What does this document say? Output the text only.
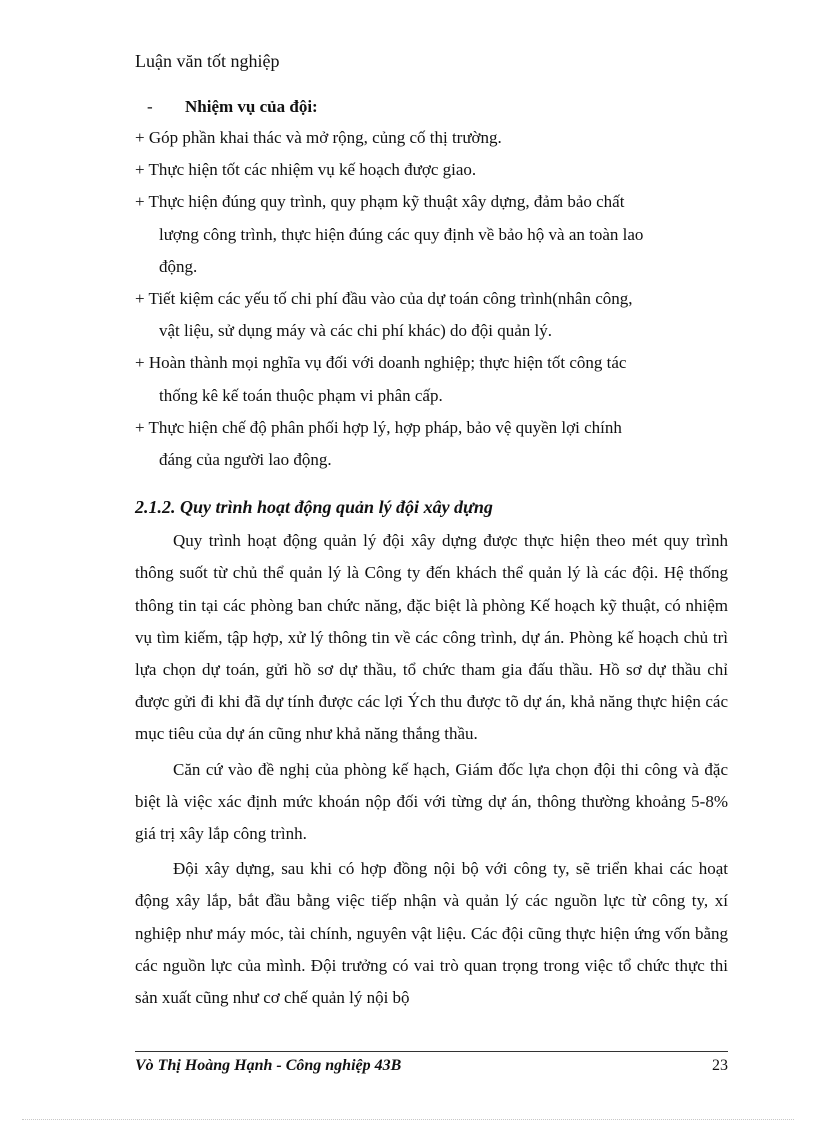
Luận văn tốt nghiệp
- Nhiệm vụ của đội:
+ Góp phần khai thác và mở rộng, củng cố thị trường.
+ Thực hiện tốt các nhiệm vụ kế hoạch được giao.
+ Thực hiện đúng quy trình, quy phạm kỹ thuật xây dựng, đảm bảo chất
lượng công trình, thực hiện đúng các quy định về bảo hộ và an toàn lao
động.
+ Tiết kiệm các yếu tố chi phí đầu vào của dự toán công trình(nhân công,
vật liệu, sử dụng máy và các chi phí khác) do đội quản lý.
+ Hoàn thành mọi nghĩa vụ đối với doanh nghiệp; thực hiện tốt công tác
thống kê kế toán thuộc phạm vi phân cấp.
+ Thực hiện chế độ phân phối hợp lý, hợp pháp, bảo vệ quyền lợi chính
đáng của người lao động.
2.1.2. Quy trình hoạt động quản lý đội xây dựng

Quy trình hoạt động quản lý đội xây dựng được thực hiện theo mét quy trình thông suốt từ chủ thể quản lý là Công ty đến khách thể quản lý là các đội. Hệ thống thông tin tại các phòng ban chức năng, đặc biệt là phòng Kế hoạch kỹ thuật, có nhiệm vụ tìm kiếm, tập hợp, xử lý thông tin về các công trình, dự án. Phòng kế hoạch chủ trì lựa chọn dự toán, gửi hồ sơ dự thầu, tổ chức tham gia đấu thầu. Hồ sơ dự thầu chỉ được gửi đi khi đã dự tính được các lợi Ých thu được tõ dự án, khả năng thực hiện các mục tiêu của dự án cũng như khả năng thắng thầu.

Căn cứ vào đề nghị của phòng kế hạch, Giám đốc lựa chọn đội thi công và đặc biệt là việc xác định mức khoán nộp đối với từng dự án, thông thường khoảng 5-8% giá trị xây lắp công trình.

Đội xây dựng, sau khi có hợp đồng nội bộ với công ty, sẽ triển khai các hoạt động xây lắp, bắt đầu bằng việc tiếp nhận và quản lý các nguồn lực từ công ty, xí nghiệp như máy móc, tài chính, nguyên vật liệu. Các đội cũng thực hiện ứng vốn bằng các nguồn lực của mình. Đội trưởng có vai trò quan trọng trong việc tổ chức thực thi sản xuất cũng như cơ chế quản lý nội bộ

Vò Thị Hoàng Hạnh - Công nghiệp 43B	23
